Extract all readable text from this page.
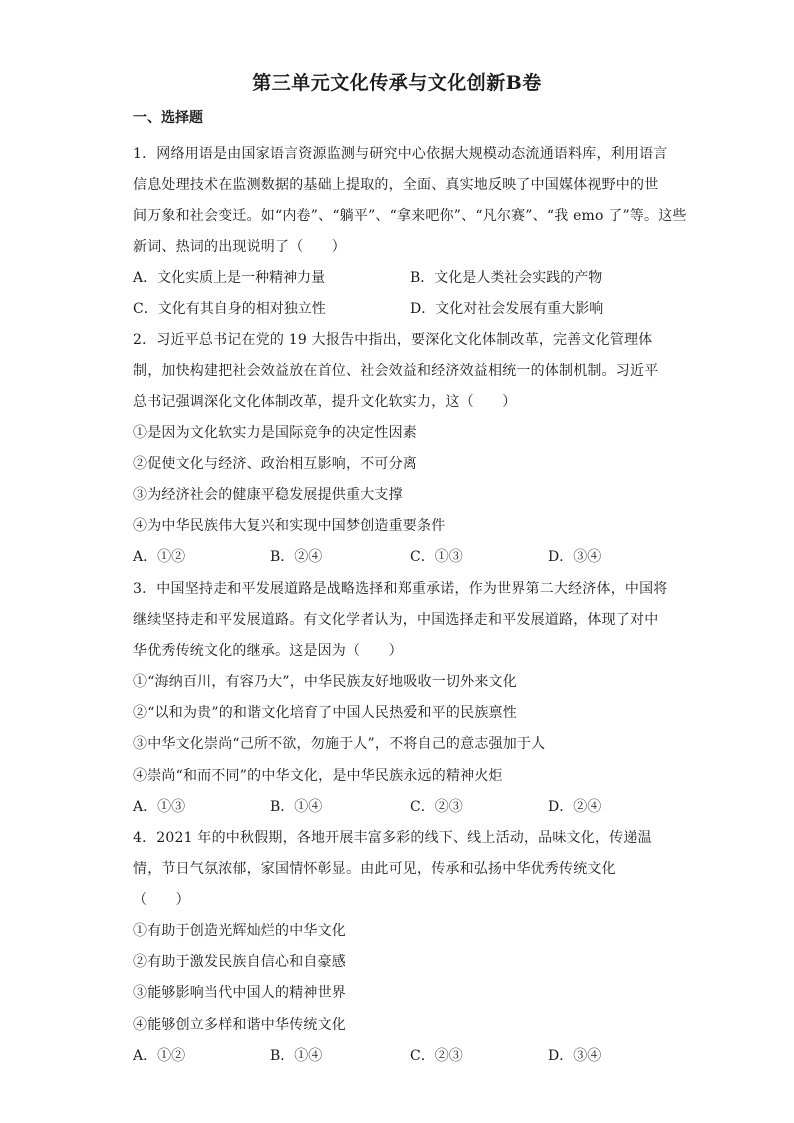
第三单元文化传承与文化创新B卷
一、选择题
1．网络用语是由国家语言资源监测与研究中心依据大规模动态流通语料库，利用语言
信息处理技术在监测数据的基础上提取的，全面、真实地反映了中国媒体视野中的世
间万象和社会变迁。如“内卷”、“躺平”、“拿来吧你”、“凡尔赛”、“我 emo 了”等。这些
新词、热词的出现说明了（　　）
A．文化实质上是一种精神力量	B．文化是人类社会实践的产物
C．文化有其自身的相对独立性	D．文化对社会发展有重大影响
2．习近平总书记在党的 19 大报告中指出，要深化文化体制改革，完善文化管理体
制，加快构建把社会效益放在首位、社会效益和经济效益相统一的体制机制。习近平
总书记强调深化文化体制改革，提升文化软实力，这（　　）
①是因为文化软实力是国际竞争的决定性因素
②促使文化与经济、政治相互影响，不可分离
③为经济社会的健康平稳发展提供重大支撑
④为中华民族伟大复兴和实现中国梦创造重要条件
A．①②	B．②④	C．①③	D．③④
3．中国坚持走和平发展道路是战略选择和郑重承诺，作为世界第二大经济体，中国将
继续坚持走和平发展道路。有文化学者认为，中国选择走和平发展道路，体现了对中
华优秀传统文化的继承。这是因为（　　）
①“海纳百川，有容乃大”，中华民族友好地吸收一切外来文化
②“以和为贵”的和谐文化培育了中国人民热爱和平的民族禀性
③中华文化崇尚“己所不欲，勿施于人”，不将自己的意志强加于人
④崇尚“和而不同”的中华文化，是中华民族永远的精神火炬
A．①③	B．①④	C．②③	D．②④
4．2021 年的中秋假期，各地开展丰富多彩的线下、线上活动，品味文化，传递温
情，节日气氛浓郁，家国情怀彰显。由此可见，传承和弘扬中华优秀传统文化
（　　）
①有助于创造光辉灿烂的中华文化
②有助于激发民族自信心和自豪感
③能够影响当代中国人的精神世界
④能够创立多样和谐中华传统文化
A．①②	B．①④	C．②③	D．③④
